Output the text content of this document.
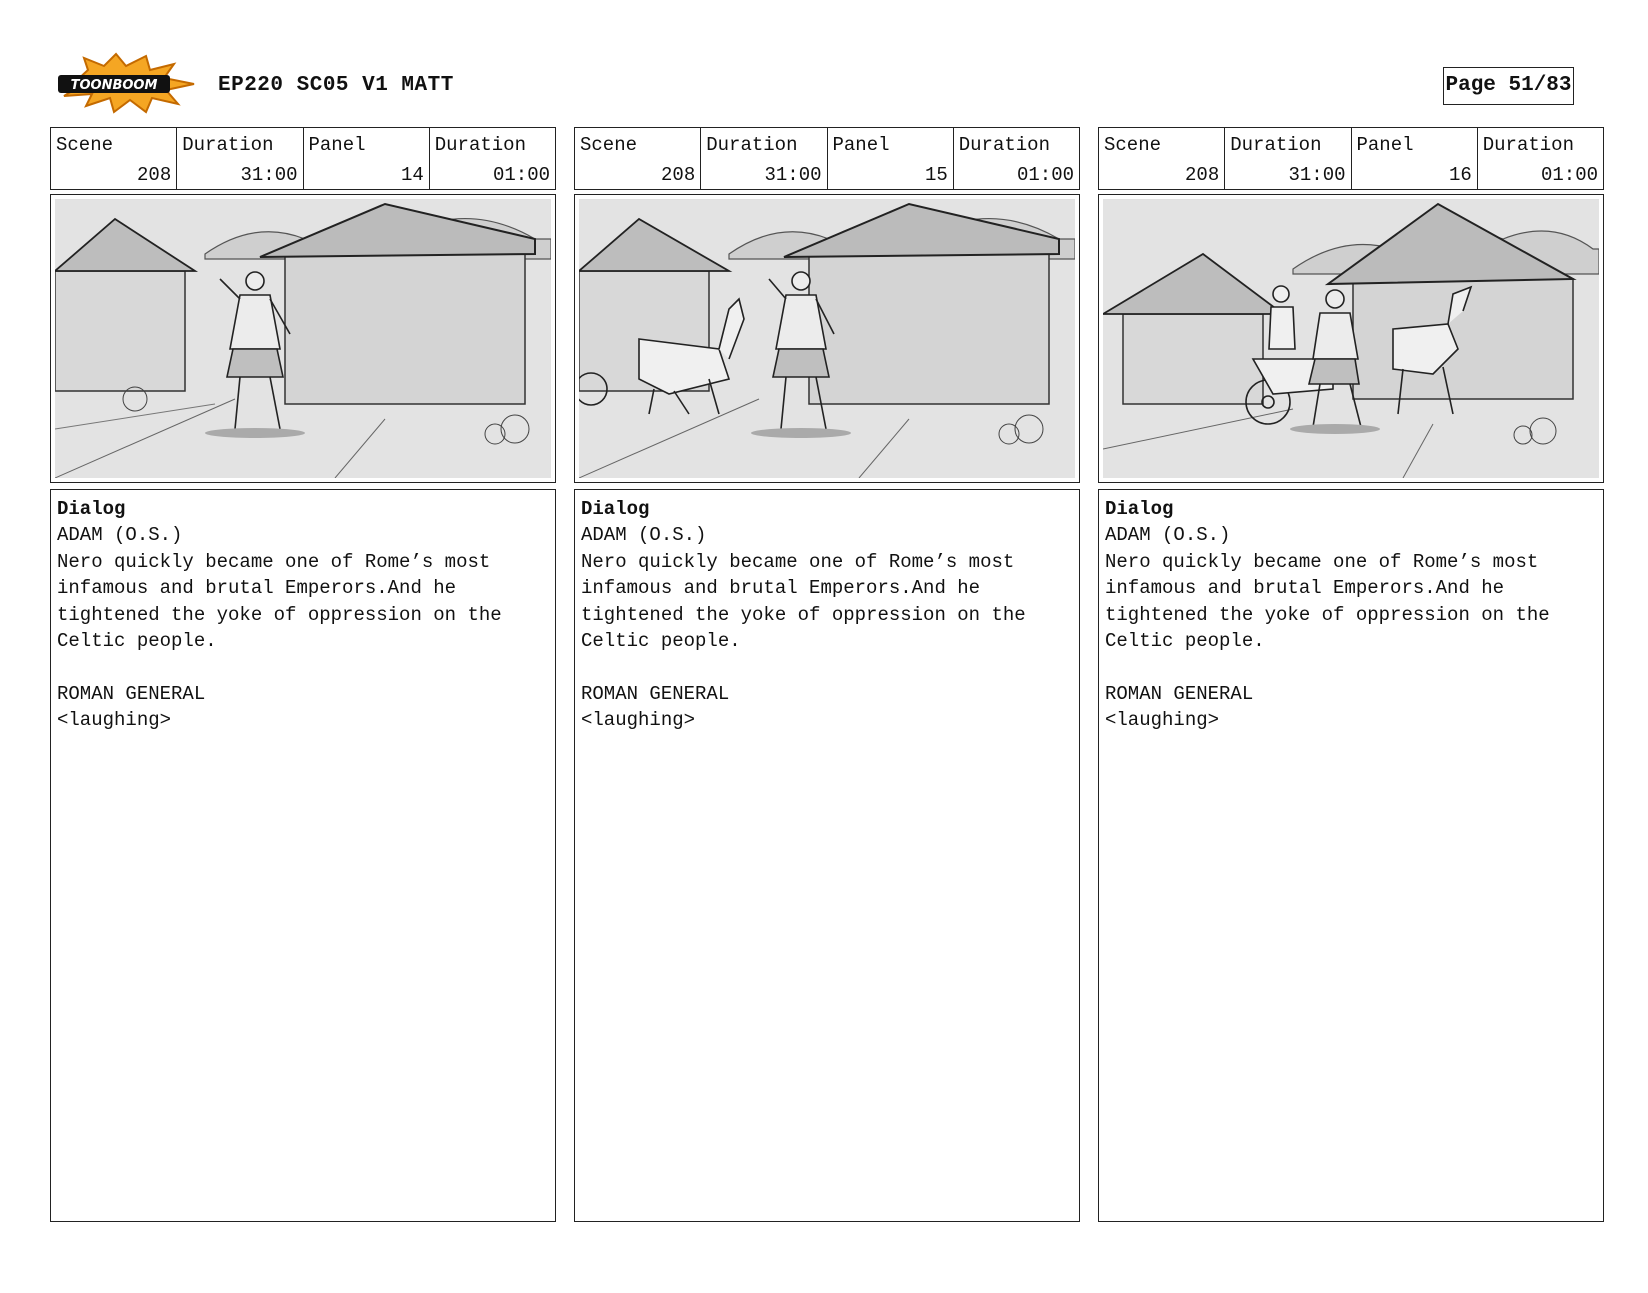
TOONBOOM	EP220 SC05 V1 MATT	Page 51/83
Scene
208
Duration
31:00
Panel
14
Duration
01:00
Dialog

ADAM (O.S.)

Nero quickly became one of Rome’s most

infamous and brutal Emperors.And he

tightened the yoke of oppression on the

Celtic people.

ROMAN GENERAL

<laughing>

Scene
208
Duration
31:00
Panel
15
Duration
01:00
Dialog

ADAM (O.S.)

Nero quickly became one of Rome’s most

infamous and brutal Emperors.And he

tightened the yoke of oppression on the

Celtic people.

ROMAN GENERAL

<laughing>

Scene
208
Duration
31:00
Panel
16
Duration
01:00
Dialog

ADAM (O.S.)

Nero quickly became one of Rome’s most

infamous and brutal Emperors.And he

tightened the yoke of oppression on the

Celtic people.

ROMAN GENERAL

<laughing>
